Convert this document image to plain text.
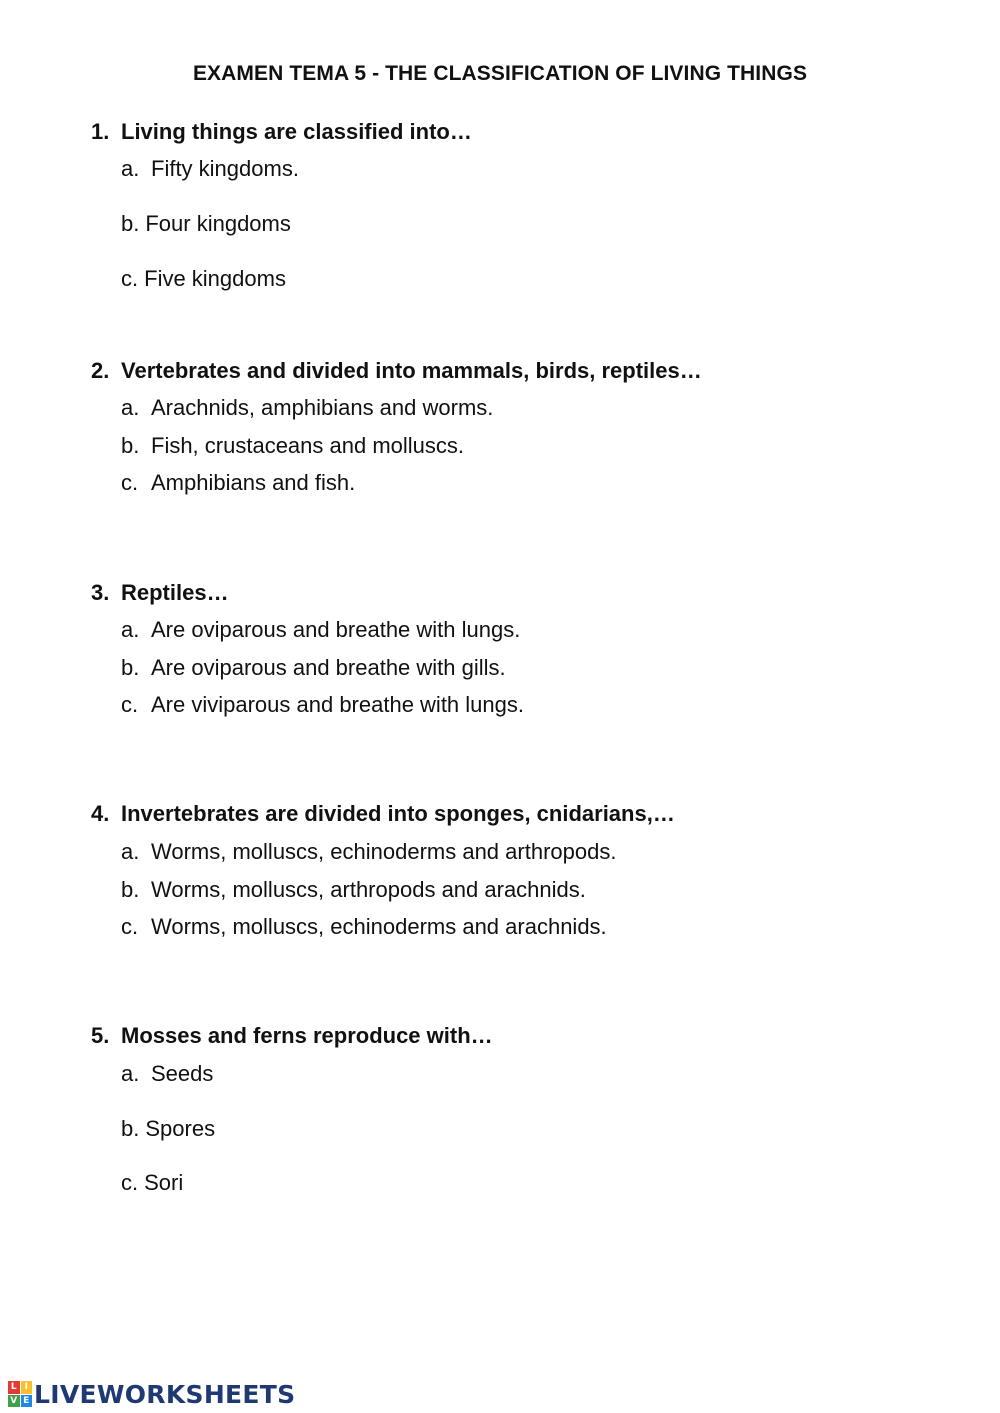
EXAMEN TEMA 5 - THE CLASSIFICATION OF LIVING THINGS
1. Living things are classified into…
a. Fifty kingdoms.
b. Four kingdoms
c. Five kingdoms
2. Vertebrates and divided into mammals, birds, reptiles…
a. Arachnids, amphibians and worms.
b. Fish, crustaceans and molluscs.
c. Amphibians and fish.
3. Reptiles…
a. Are oviparous and breathe with lungs.
b. Are oviparous and breathe with gills.
c. Are viviparous and breathe with lungs.
4. Invertebrates are divided into sponges, cnidarians,…
a. Worms, molluscs, echinoderms and arthropods.
b. Worms, molluscs, arthropods and arachnids.
c. Worms, molluscs, echinoderms and arachnids.
5. Mosses and ferns reproduce with…
a. Seeds
b. Spores
c. Sori
L I
V E LIVEWORKSHEETS
